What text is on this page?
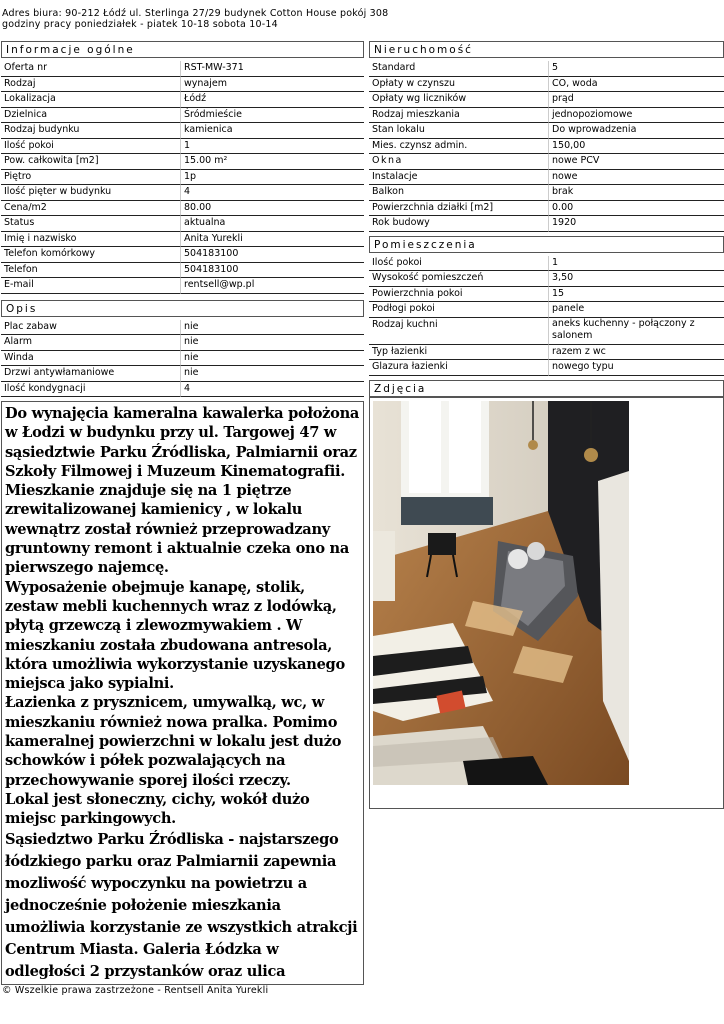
Adres biura: 90-212 Łódź ul. Sterlinga 27/29 budynek Cotton House pokój 308
godziny pracy poniedziałek - piatek 10-18 sobota 10-14
Informacje ogólne
Oferta nr	RST-MW-371
Rodzaj	wynajem
Lokalizacja	Łódź
Dzielnica	Śródmieście
Rodzaj budynku	kamienica
Ilość pokoi	1
Pow. całkowita [m2]	15.00 m²
Piętro	1p
Ilość pięter w budynku	4
Cena/m2	80.00
Status	aktualna
Imię i nazwisko	Anita Yurekli
Telefon komórkowy	504183100
Telefon	504183100
E-mail	rentsell@wp.pl
Opis
Plac zabaw	nie
Alarm	nie
Winda	nie
Drzwi antywłamaniowe	nie
Ilość kondygnacji	4

Do wynajęcia kameralna kawalerka położona w Łodzi w budynku przy ul. Targowej 47 w sąsiedztwie Parku Źródliska, Palmiarnii oraz Szkoły Filmowej i Muzeum Kinematografii.

Mieszkanie znajduje się na 1 piętrze zrewitalizowanej kamienicy , w lokalu wewnątrz został również przeprowadzany gruntowny remont i aktualnie czeka ono na pierwszego najemcę.

Wyposażenie obejmuje kanapę, stolik, zestaw mebli kuchennych wraz z lodówką, płytą grzewczą i zlewozmywakiem . W mieszkaniu została zbudowana antresola, która umożliwia wykorzystanie uzyskanego miejsca jako sypialni.

Łazienka z prysznicem, umywalką, wc, w mieszkaniu również nowa pralka. Pomimo kameralnej powierzchni w lokalu jest dużo schowków i półek pozwalających na przechowywanie sporej ilości rzeczy.

Lokal jest słoneczny, cichy, wokół dużo miejsc parkingowych.

Sąsiedztwo Parku Źródliska - najstarszego łódzkiego parku oraz Palmiarnii zapewnia mozliwość wypoczynku na powietrzu a jednocześnie położenie mieszkania umożliwia korzystanie ze wszystkich atrakcji Centrum Miasta. Galeria Łódzka w odległości 2 przystanków oraz ulica

Nieruchomość
Standard	5
Opłaty w czynszu	CO, woda
Opłaty wg liczników	prąd
Rodzaj mieszkania	jednopoziomowe
Stan lokalu	Do wprowadzenia
Mies. czynsz admin.	150,00
Okna	nowe PCV
Instalacje	nowe
Balkon	brak
Powierzchnia działki [m2]	0.00
Rok budowy	1920
Pomieszczenia
Ilość pokoi	1
Wysokość pomieszczeń	3,50
Powierzchnia pokoi	15
Podłogi pokoi	panele
Rodzaj kuchni	aneks kuchenny - połączony z salonem
Typ łazienki	razem z wc
Glazura łazienki	nowego typu
Zdjęcia
© Wszelkie prawa zastrzeżone - Rentsell Anita Yurekli
